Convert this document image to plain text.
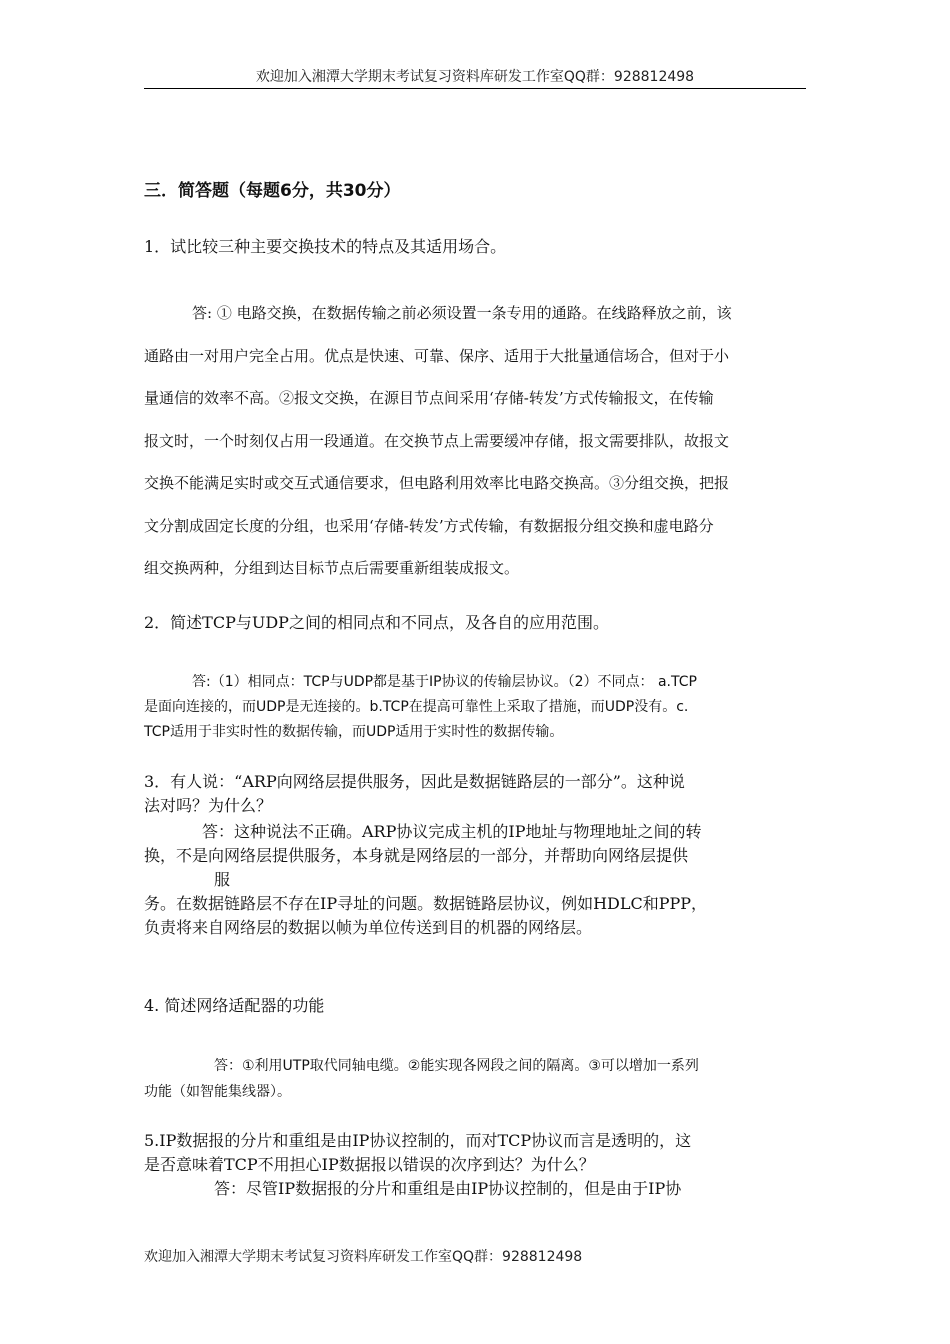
欢迎加入湘潭大学期末考试复习资料库研发工作室QQ群：928812498
三．简答题（每题6分，共30分）
1．试比较三种主要交换技术的特点及其适用场合。
答: ① 电路交换，在数据传输之前必须设置一条专用的通路。在线路释放之前，该
通路由一对用户完全占用。优点是快速、可靠、保序、适用于大批量通信场合，但对于小
量通信的效率不高。②报文交换，在源目节点间采用‘存储-转发’方式传输报文，在传输
报文时，一个时刻仅占用一段通道。在交换节点上需要缓冲存储，报文需要排队，故报文
交换不能满足实时或交互式通信要求，但电路利用效率比电路交换高。③分组交换，把报
文分割成固定长度的分组，也采用‘存储-转发’方式传输，有数据报分组交换和虚电路分
组交换两种，分组到达目标节点后需要重新组装成报文。
2．简述TCP与UDP之间的相同点和不同点，及各自的应用范围。
答:（1）相同点：TCP与UDP都是基于IP协议的传输层协议。（2）不同点： a.TCP
是面向连接的，而UDP是无连接的。b.TCP在提高可靠性上采取了措施，而UDP没有。c.
TCP适用于非实时性的数据传输，而UDP适用于实时性的数据传输。
3．有人说：“ARP向网络层提供服务，因此是数据链路层的一部分”。这种说
法对吗？为什么？
答：这种说法不正确。ARP协议完成主机的IP地址与物理地址之间的转
换，不是向网络层提供服务，本身就是网络层的一部分，并帮助向网络层提供
服
务。在数据链路层不存在IP寻址的问题。数据链路层协议，例如HDLC和PPP，
负责将来自网络层的数据以帧为单位传送到目的机器的网络层。
4. 简述网络适配器的功能
答：①利用UTP取代同轴电缆。②能实现各网段之间的隔离。③可以增加一系列
功能（如智能集线器）。
5.IP数据报的分片和重组是由IP协议控制的，而对TCP协议而言是透明的，这
是否意味着TCP不用担心IP数据报以错误的次序到达？为什么？
答：尽管IP数据报的分片和重组是由IP协议控制的，但是由于IP协
欢迎加入湘潭大学期末考试复习资料库研发工作室QQ群：928812498
